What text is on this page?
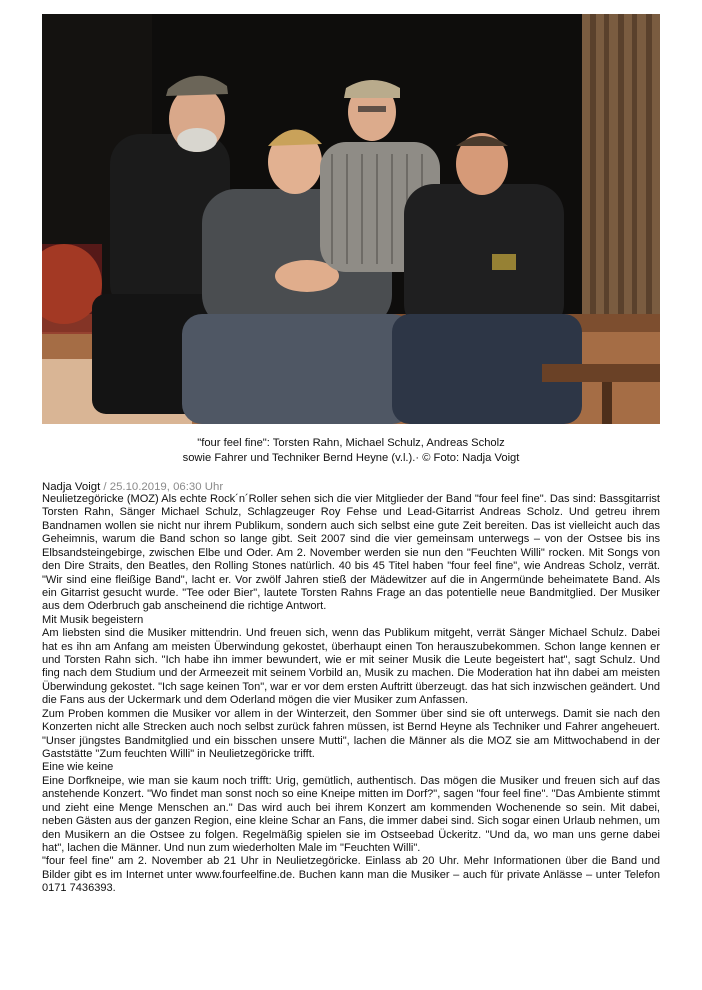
"four feel fine": Torsten Rahn, Michael Schulz, Andreas Scholz
sowie Fahrer und Techniker Bernd Heyne (v.l.).· © Foto: Nadja Voigt
Nadja Voigt / 25.10.2019, 06:30 Uhr

Neulietzegöricke (MOZ) Als echte Rock´n´Roller sehen sich die vier Mitglieder der Band "four feel fine". Das sind: Bassgitarrist Torsten Rahn, Sänger Michael Schulz, Schlagzeuger Roy Fehse und Lead-Gitarrist Andreas Scholz. Und getreu ihrem Bandnamen wollen sie nicht nur ihrem Publikum, sondern auch sich selbst eine gute Zeit bereiten. Das ist vielleicht auch das Geheimnis, warum die Band schon so lange gibt. Seit 2007 sind die vier gemeinsam unterwegs – von der Ostsee bis ins Elbsandsteingebirge, zwischen Elbe und Oder. Am 2. November werden sie nun den "Feuchten Willi" rocken. Mit Songs von den Dire Straits, den Beatles, den Rolling Stones natürlich. 40 bis 45 Titel haben "four feel fine", wie Andreas Scholz, verrät. "Wir sind eine fleißige Band", lacht er. Vor zwölf Jahren stieß der Mädewitzer auf die in Angermünde beheimatete Band. Als ein Gitarrist gesucht wurde. "Tee oder Bier", lautete Torsten Rahns Frage an das potentielle neue Bandmitglied. Der Musiker aus dem Oderbruch gab anscheinend die richtige Antwort.

Mit Musik begeistern

Am liebsten sind die Musiker mittendrin. Und freuen sich, wenn das Publikum mitgeht, verrät Sänger Michael Schulz. Dabei hat es ihn am Anfang am meisten Überwindung gekostet, überhaupt einen Ton herauszubekommen. Schon lange kennen er und Torsten Rahn sich. "Ich habe ihn immer bewundert, wie er mit seiner Musik die Leute begeistert hat", sagt Schulz. Und fing nach dem Studium und der Armeezeit mit seinem Vorbild an, Musik zu machen. Die Moderation hat ihn dabei am meisten Überwindung gekostet. "Ich sage keinen Ton", war er vor dem ersten Auftritt überzeugt. das hat sich inzwischen geändert. Und die Fans aus der Uckermark und dem Oderland mögen die vier Musiker zum Anfassen.

Zum Proben kommen die Musiker vor allem in der Winterzeit, den Sommer über sind sie oft unterwegs. Damit sie nach den Konzerten nicht alle Strecken auch noch selbst zurück fahren müssen, ist Bernd Heyne als Techniker und Fahrer angeheuert. "Unser jüngstes Bandmitglied und ein bisschen unsere Mutti", lachen die Männer als die MOZ sie am Mittwochabend in der Gaststätte "Zum feuchten Willi" in Neulietzegöricke trifft.

Eine wie keine

Eine Dorfkneipe, wie man sie kaum noch trifft: Urig, gemütlich, authentisch. Das mögen die Musiker und freuen sich auf das anstehende Konzert. "Wo findet man sonst noch so eine Kneipe mitten im Dorf?", sagen "four feel fine". "Das Ambiente stimmt und zieht eine Menge Menschen an." Das wird auch bei ihrem Konzert am kommenden Wochenende so sein. Mit dabei, neben Gästen aus der ganzen Region, eine kleine Schar an Fans, die immer dabei sind. Sich sogar einen Urlaub nehmen, um den Musikern an die Ostsee zu folgen. Regelmäßig spielen sie im Ostseebad Ückeritz. "Und da, wo man uns gerne dabei hat", lachen die Männer. Und nun zum wiederholten Male im "Feuchten Willi".

"four feel fine" am 2. November ab 21 Uhr in Neulietzegöricke. Einlass ab 20 Uhr. Mehr Informationen über die Band und Bilder gibt es im Internet unter www.fourfeelfine.de. Buchen kann man die Musiker – auch für private Anlässe – unter Telefon 0171 7436393.
